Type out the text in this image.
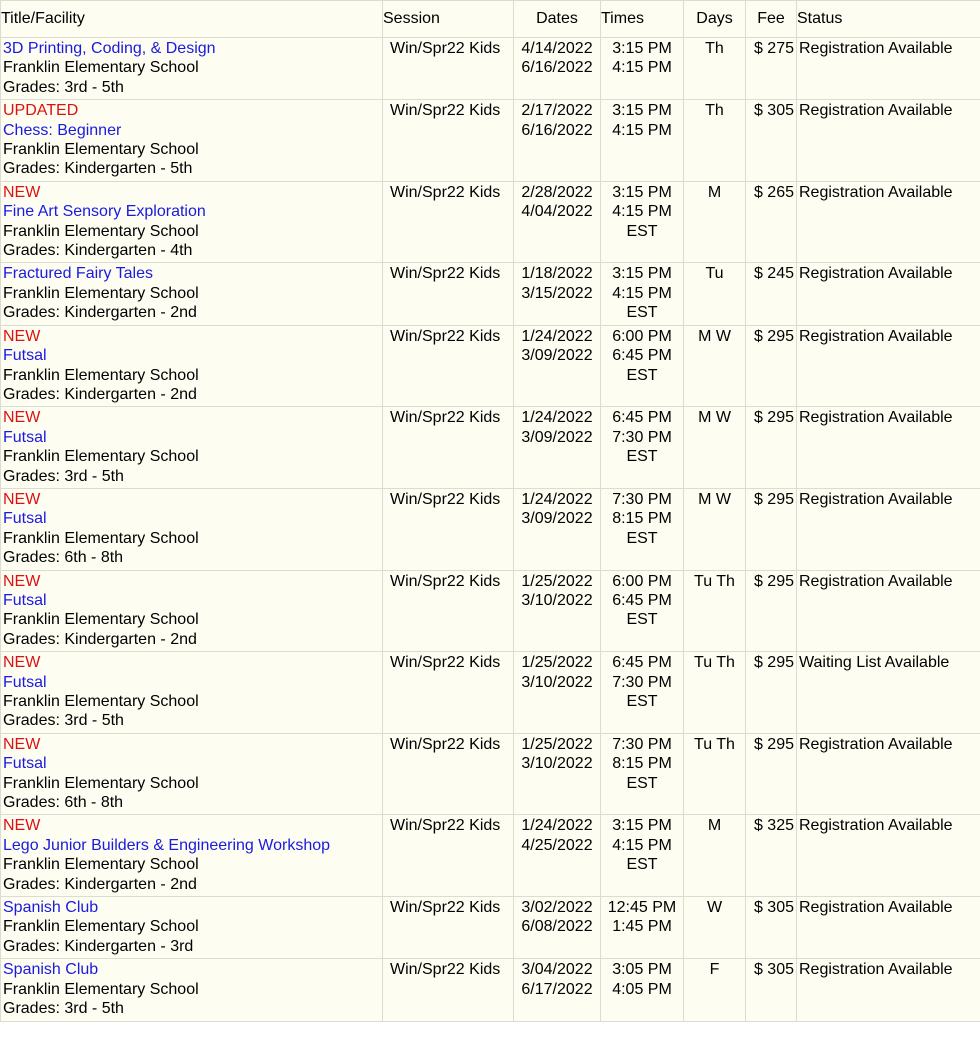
Title/Facility	Session	Dates	Times	Days	Fee	Status

3D Printing, Coding, & Design
Franklin Elementary School
Grades: 3rd - 5th	Win/Spr22 Kids	4/14/2022
6/16/2022	3:15 PM
4:15 PM	Th	$ 275	Registration Available

UPDATED
Chess: Beginner
Franklin Elementary School
Grades: Kindergarten - 5th	Win/Spr22 Kids	2/17/2022
6/16/2022	3:15 PM
4:15 PM	Th	$ 305	Registration Available

NEW
Fine Art Sensory Exploration
Franklin Elementary School
Grades: Kindergarten - 4th	Win/Spr22 Kids	2/28/2022
4/04/2022	3:15 PM
4:15 PM
EST	M	$ 265	Registration Available

Fractured Fairy Tales
Franklin Elementary School
Grades: Kindergarten - 2nd	Win/Spr22 Kids	1/18/2022
3/15/2022	3:15 PM
4:15 PM
EST	Tu	$ 245	Registration Available

NEW
Futsal
Franklin Elementary School
Grades: Kindergarten - 2nd	Win/Spr22 Kids	1/24/2022
3/09/2022	6:00 PM
6:45 PM
EST	M W	$ 295	Registration Available

NEW
Futsal
Franklin Elementary School
Grades: 3rd - 5th	Win/Spr22 Kids	1/24/2022
3/09/2022	6:45 PM
7:30 PM
EST	M W	$ 295	Registration Available

NEW
Futsal
Franklin Elementary School
Grades: 6th - 8th	Win/Spr22 Kids	1/24/2022
3/09/2022	7:30 PM
8:15 PM
EST	M W	$ 295	Registration Available

NEW
Futsal
Franklin Elementary School
Grades: Kindergarten - 2nd	Win/Spr22 Kids	1/25/2022
3/10/2022	6:00 PM
6:45 PM
EST	Tu Th	$ 295	Registration Available

NEW
Futsal
Franklin Elementary School
Grades: 3rd - 5th	Win/Spr22 Kids	1/25/2022
3/10/2022	6:45 PM
7:30 PM
EST	Tu Th	$ 295	Waiting List Available

NEW
Futsal
Franklin Elementary School
Grades: 6th - 8th	Win/Spr22 Kids	1/25/2022
3/10/2022	7:30 PM
8:15 PM
EST	Tu Th	$ 295	Registration Available

NEW
Lego Junior Builders & Engineering Workshop
Franklin Elementary School
Grades: Kindergarten - 2nd	Win/Spr22 Kids	1/24/2022
4/25/2022	3:15 PM
4:15 PM
EST	M	$ 325	Registration Available

Spanish Club
Franklin Elementary School
Grades: Kindergarten - 3rd	Win/Spr22 Kids	3/02/2022
6/08/2022	12:45 PM
1:45 PM	W	$ 305	Registration Available

Spanish Club
Franklin Elementary School
Grades: 3rd - 5th	Win/Spr22 Kids	3/04/2022
6/17/2022	3:05 PM
4:05 PM	F	$ 305	Registration Available
